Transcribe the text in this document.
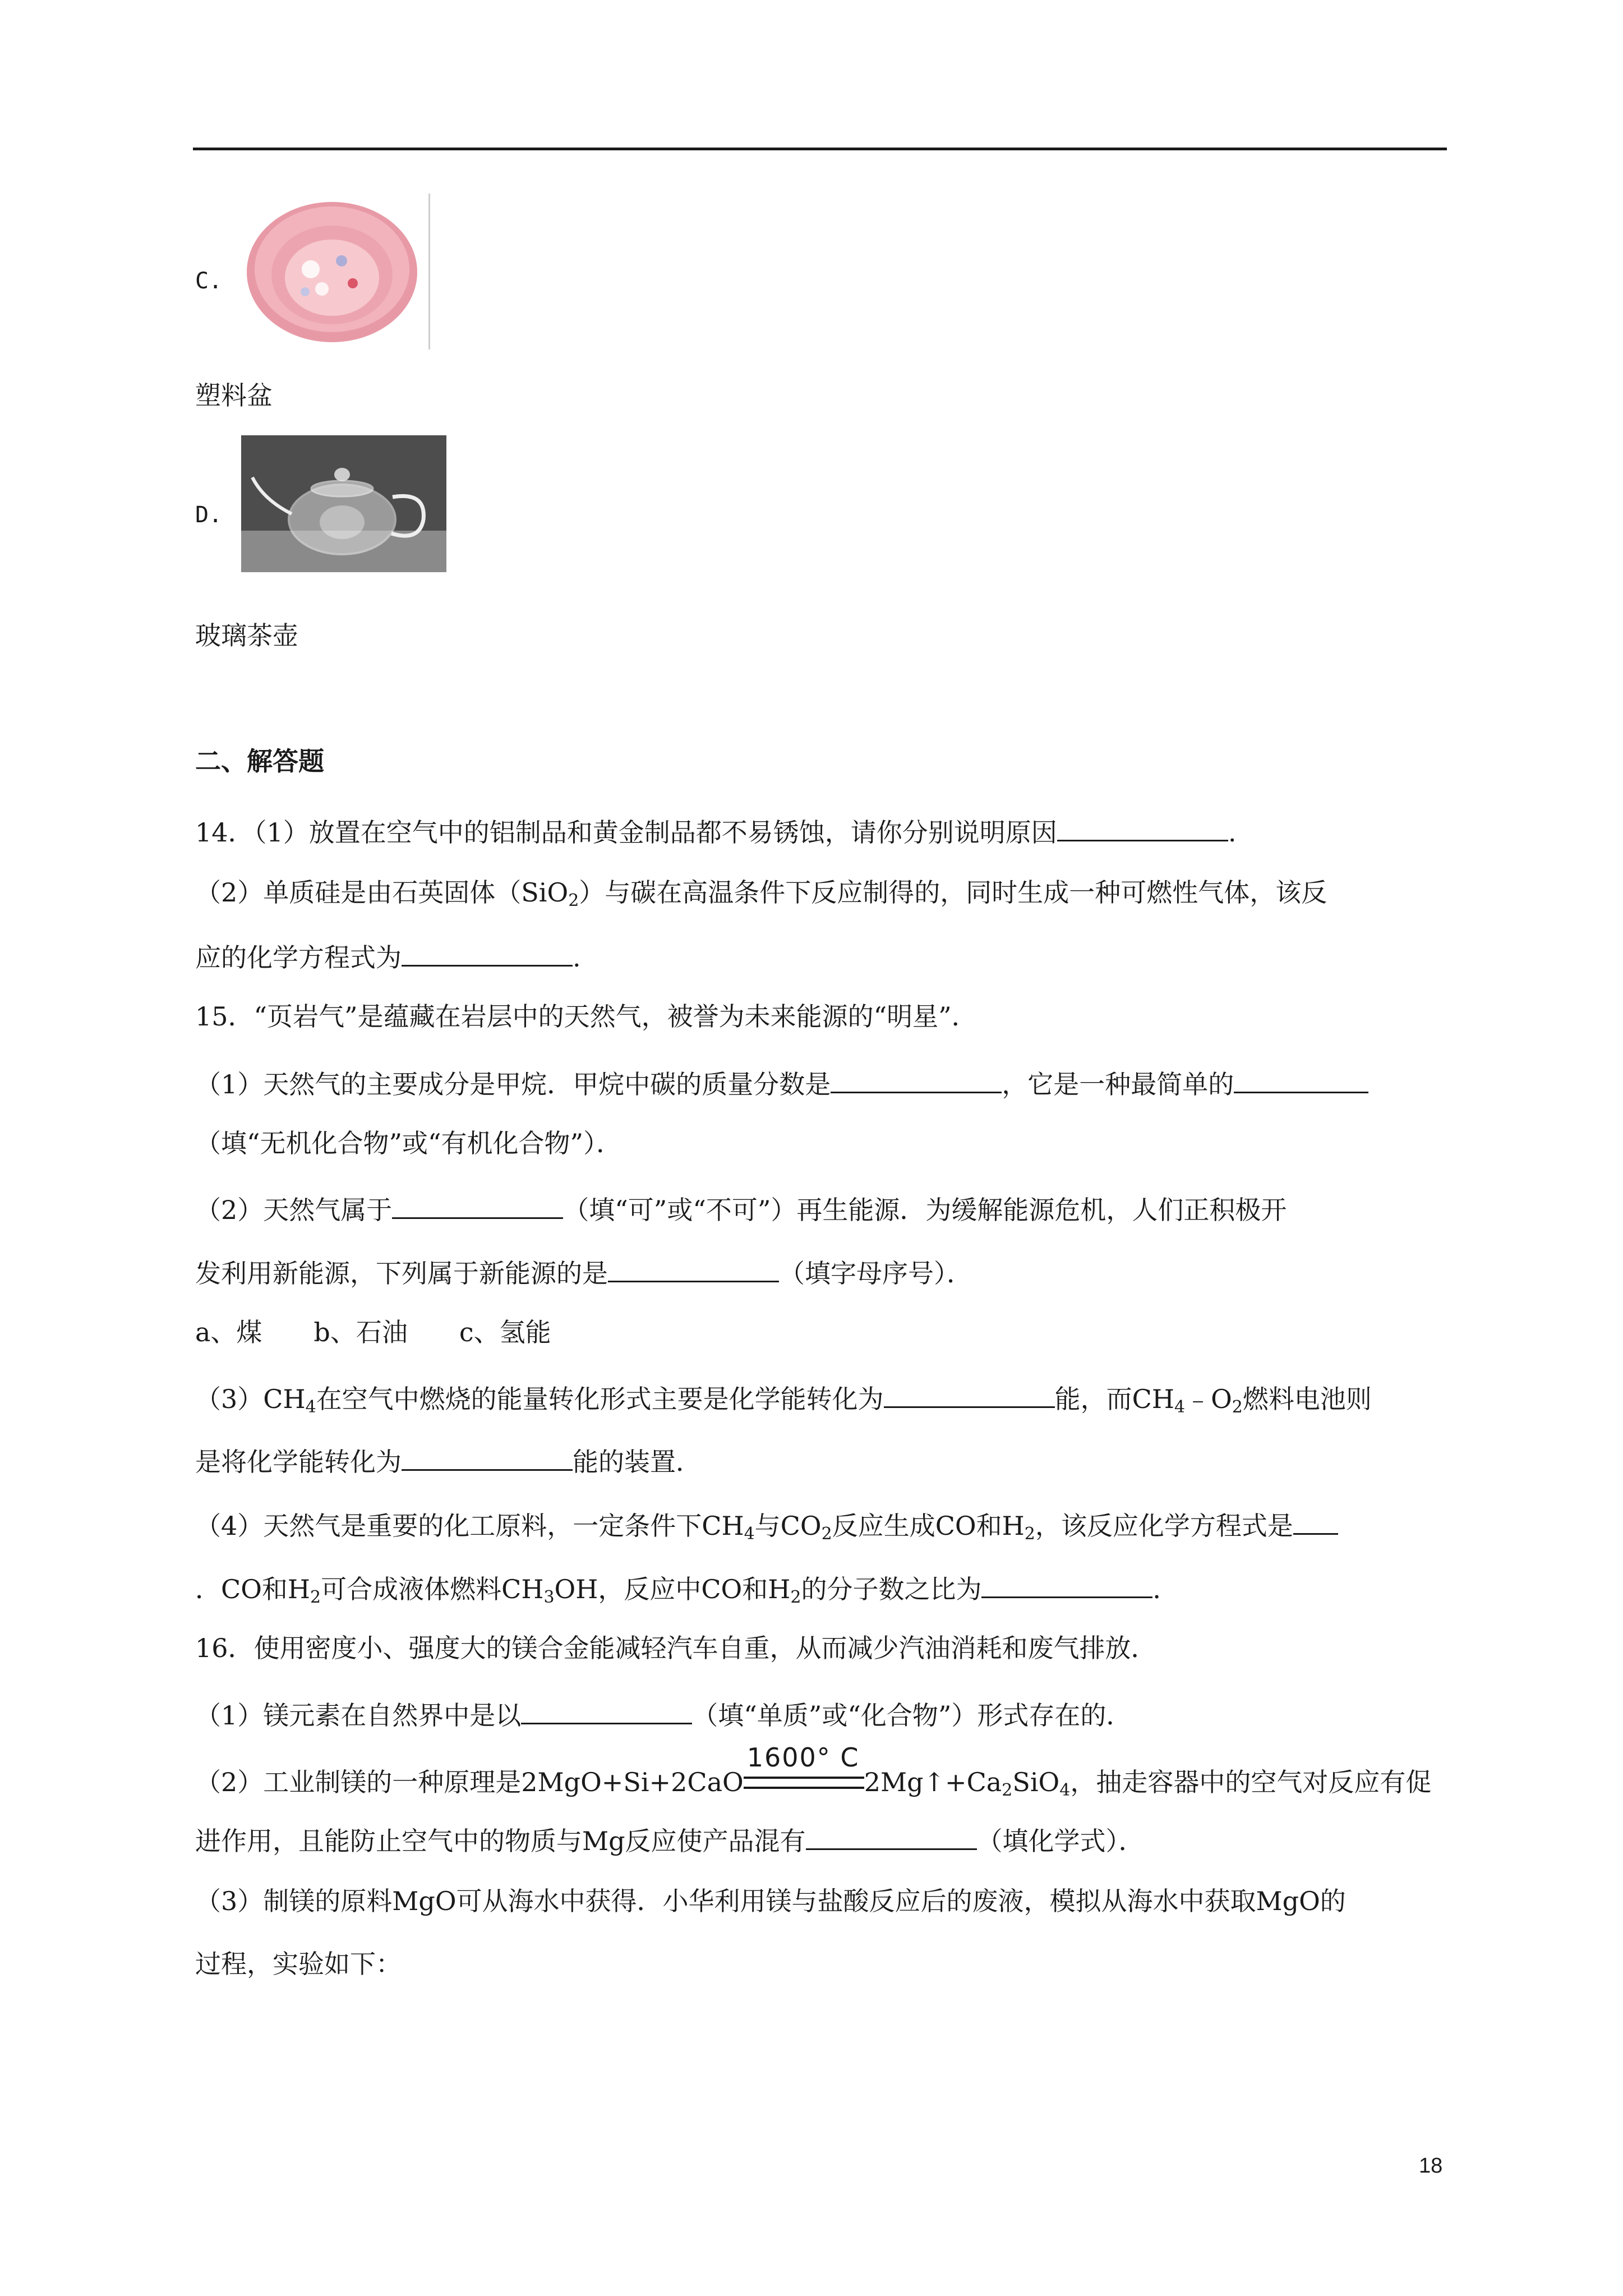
C.
塑料盆
D.
玻璃茶壶
二、解答题
14．（1）放置在空气中的铝制品和黄金制品都不易锈蚀，请你分别说明原因	.
（2）单质硅是由石英固体（SiO$_2$）与碳在高温条件下反应制得的，同时生成一种可燃性气体，该反
应的化学方程式为	.
15．“页岩气”是蕴藏在岩层中的天然气，被誉为未来能源的“明星”．
（1）天然气的主要成分是甲烷．甲烷中碳的质量分数是	，它是一种最简单的
（填“无机化合物”或“有机化合物”）．
（2）天然气属于	（填“可”或“不可”）再生能源．为缓解能源危机，人们正积极开
发利用新能源，下列属于新能源的是	（填字母序号）．
a、煤　　b、石油　　c、氢能
$(3)CH_4$在空气中燃烧的能量转化形式主要是化学能转化为	能，而$CH_4﹣O_2$燃料电池则
是将化学能转化为	能的装置．
（4）天然气是重要的化工原料，一定条件下$CH_4$与$CO_2$反应生成CO和$H_2$，该反应化学方程式是
．CO和$H_2$可合成液体燃料$CH_3OH$，反应中CO和$H_2$的分子数之比为	．
16．使用密度小、强度大的镁合金能减轻汽车自重，从而减少汽油消耗和废气排放．
（1）镁元素在自然界中是以	（填“单质”或“化合物”）形式存在的．
（2）工业制镁的一种原理是2MgO+Si+2CaO
1600° C
$2Mg↑+Ca_2SiO_4$，抽走容器中的空气对反应有促
进作用，且能防止空气中的物质与Mg反应使产品混有	（填化学式）．
（3）制镁的原料MgO可从海水中获得．小华利用镁与盐酸反应后的废液，模拟从海水中获取MgO的
过程，实验如下：
18
